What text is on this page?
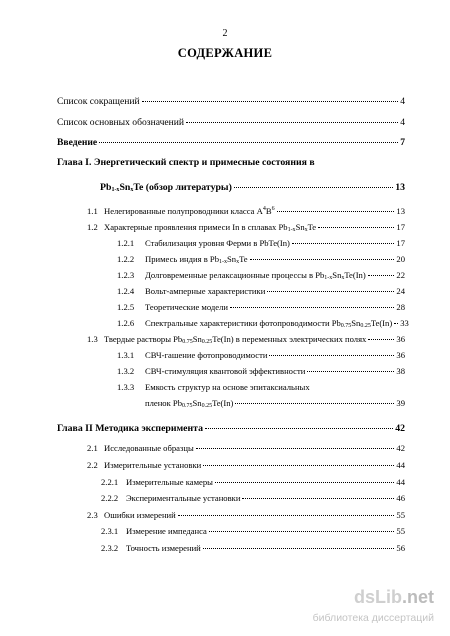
2
СОДЕРЖАНИЕ
Список сокращений	4
Список основных обозначений	4
Введение	7
Глава I. Энергетический спектр и примесные состояния в
$Pb_{1-x}Sn_xTe$ (обзор литературы)	13
1.1 Нелегированные полупроводники класса $A^4B^6$	13
1.2 Характерные проявления примеси In в сплавах $Pb_{1-x}Sn_xTe$	17
1.2.1	Стабилизация уровня Ферми в PbTe(In)	17
1.2.2	Примесь индия в $Pb_{1-x}Sn_xTe$	20
1.2.3	Долговременные релаксационные процессы в $Pb_{1-x}Sn_xTe(In)$	22
1.2.4	Вольт-амперные характеристики	24
1.2.5	Теоретические модели	28
1.2.6	Спектральные характеристики фотопроводимости $Pb_{0.75}Sn_{0.25}Te(In)$ 33
1.3 Твердые растворы $Pb_{0.75}Sn_{0.25}Te(In)$ в переменных электрических полях	36
1.3.1	СВЧ-гашение фотопроводимости	36
1.3.2	СВЧ-стимуляция квантовой эффективности	38
1.3.3	Емкость структур на основе эпитаксиальных
пленок $Pb_{0.75}Sn_{0.25}Te(In)$	39
Глава II Методика эксперимента	42
2.1 Исследованные образцы	42
2.2 Измерительные установки	44
2.2.1 Измерительные камеры	44
2.2.2 Экспериментальные установки	46
2.3 Ошибки измерений	55
2.3.1 Измерение импеданса	55
2.3.2 Точность измерений	56
dsLib.net
библиотека диссертаций
